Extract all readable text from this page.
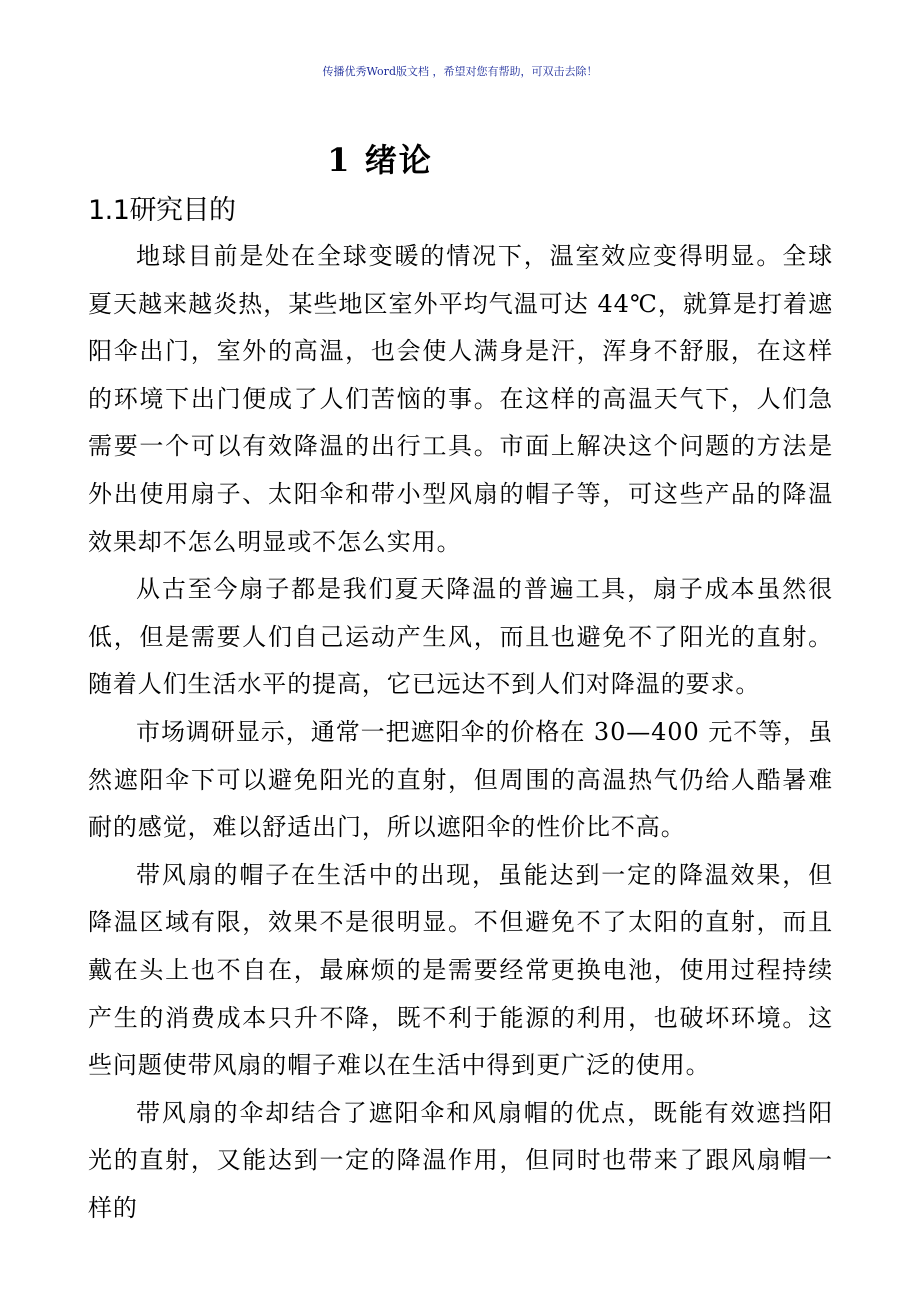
传播优秀Word版文档 ，希望对您有帮助，可双击去除！
1 绪论
1.1研究目的

地球目前是处在全球变暖的情况下，温室效应变得明显。全球夏天越来越炎热，某些地区室外平均气温可达 44℃，就算是打着遮阳伞出门，室外的高温，也会使人满身是汗，浑身不舒服，在这样的环境下出门便成了人们苦恼的事。在这样的高温天气下，人们急需要一个可以有效降温的出行工具。市面上解决这个问题的方法是外出使用扇子、太阳伞和带小型风扇的帽子等，可这些产品的降温效果却不怎么明显或不怎么实用。

从古至今扇子都是我们夏天降温的普遍工具，扇子成本虽然很低，但是需要人们自己运动产生风，而且也避免不了阳光的直射。随着人们生活水平的提高，它已远达不到人们对降温的要求。

市场调研显示，通常一把遮阳伞的价格在 30—400 元不等，虽然遮阳伞下可以避免阳光的直射，但周围的高温热气仍给人酷暑难耐的感觉，难以舒适出门，所以遮阳伞的性价比不高。

带风扇的帽子在生活中的出现，虽能达到一定的降温效果，但降温区域有限，效果不是很明显。不但避免不了太阳的直射，而且戴在头上也不自在，最麻烦的是需要经常更换电池，使用过程持续产生的消费成本只升不降，既不利于能源的利用，也破坏环境。这些问题使带风扇的帽子难以在生活中得到更广泛的使用。

带风扇的伞却结合了遮阳伞和风扇帽的优点，既能有效遮挡阳光的直射，又能达到一定的降温作用，但同时也带来了跟风扇帽一样的
